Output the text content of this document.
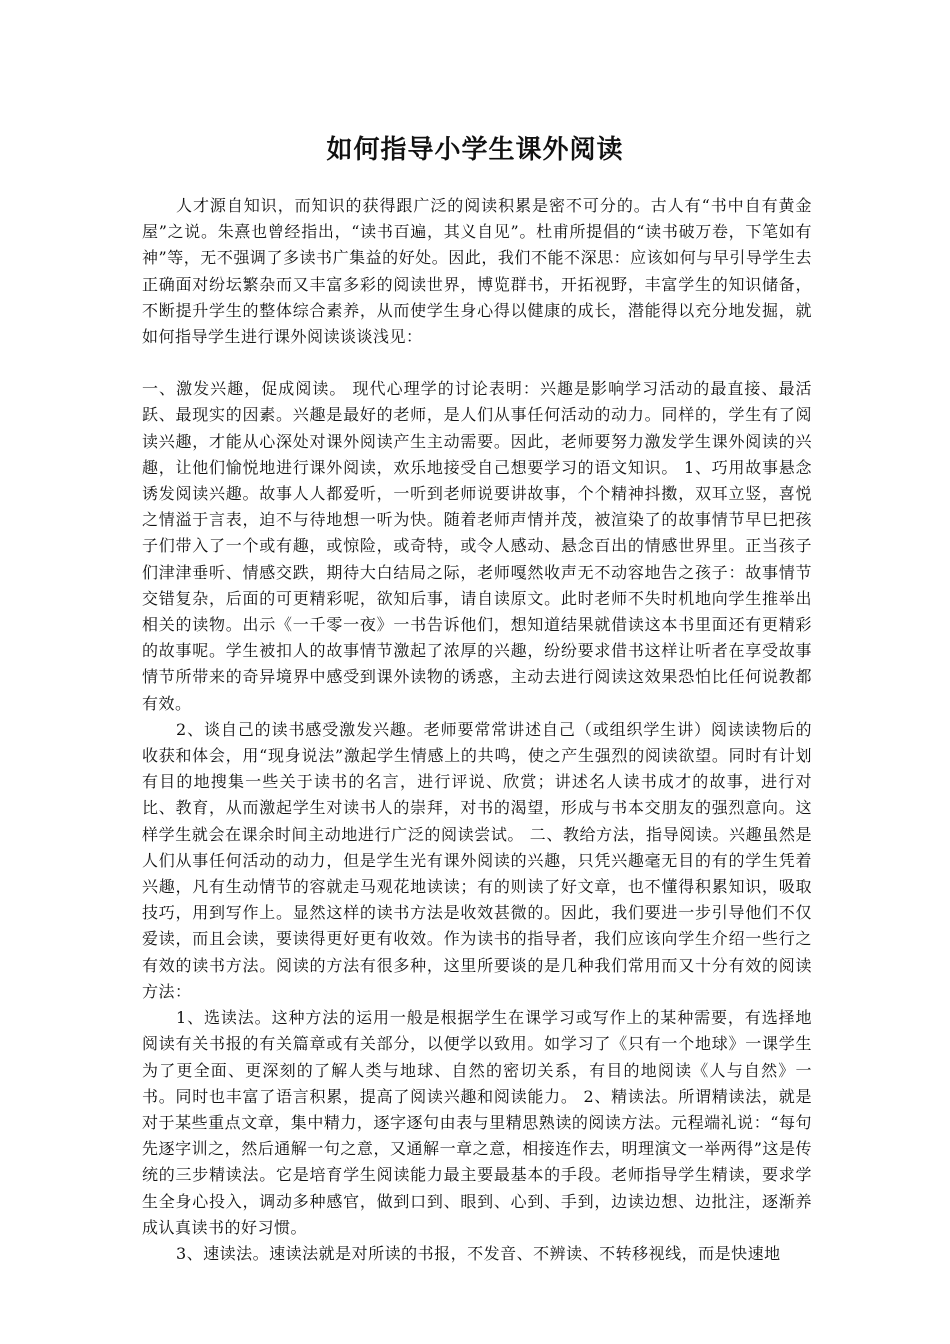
如何指导小学生课外阅读

人才源自知识，而知识的获得跟广泛的阅读积累是密不可分的。古人有“书中自有黄金屋”之说。朱熹也曾经指出，“读书百遍，其义自见”。杜甫所提倡的“读书破万卷，下笔如有神”等，无不强调了多读书广集益的好处。因此，我们不能不深思：应该如何与早引导学生去正确面对纷坛繁杂而又丰富多彩的阅读世界，博览群书，开拓视野，丰富学生的知识储备，不断提升学生的整体综合素养，从而使学生身心得以健康的成长，潜能得以充分地发掘，就如何指导学生进行课外阅读谈谈浅见：

一、激发兴趣，促成阅读。 现代心理学的讨论表明：兴趣是影响学习活动的最直接、最活跃、最现实的因素。兴趣是最好的老师，是人们从事任何活动的动力。同样的，学生有了阅读兴趣，才能从心深处对课外阅读产生主动需要。因此，老师要努力激发学生课外阅读的兴趣，让他们愉悦地进行课外阅读，欢乐地接受自己想要学习的语文知识。 1、巧用故事悬念诱发阅读兴趣。故事人人都爱听，一听到老师说要讲故事，个个精神抖擞，双耳立竖，喜悦之情溢于言表，迫不与待地想一听为快。随着老师声情并茂，被渲染了的故事情节早巳把孩子们带入了一个或有趣，或惊险，或奇特，或令人感动、悬念百出的情感世界里。正当孩子们津津垂听、情感交跌，期待大白结局之际，老师嘎然收声无不动容地告之孩子：故事情节交错复杂，后面的可更精彩呢，欲知后事，请自读原文。此时老师不失时机地向学生推举出相关的读物。出示《一千零一夜》一书告诉他们，想知道结果就借读这本书里面还有更精彩的故事呢。学生被扣人的故事情节激起了浓厚的兴趣，纷纷要求借书这样让听者在享受故事情节所带来的奇异境界中感受到课外读物的诱惑，主动去进行阅读这效果恐怕比任何说教都有效。

2、谈自己的读书感受激发兴趣。老师要常常讲述自己（或组织学生讲）阅读读物后的收获和体会，用“现身说法”激起学生情感上的共鸣，使之产生强烈的阅读欲望。同时有计划有目的地搜集一些关于读书的名言，进行评说、欣赏；讲述名人读书成才的故事，进行对比、教育，从而激起学生对读书人的崇拜，对书的渴望，形成与书本交朋友的强烈意向。这样学生就会在课余时间主动地进行广泛的阅读尝试。 二、教给方法，指导阅读。兴趣虽然是人们从事任何活动的动力，但是学生光有课外阅读的兴趣，只凭兴趣毫无目的有的学生凭着兴趣，凡有生动情节的容就走马观花地读读；有的则读了好文章，也不懂得积累知识，吸取技巧，用到写作上。显然这样的读书方法是收效甚微的。因此，我们要进一步引导他们不仅爱读，而且会读，要读得更好更有收效。作为读书的指导者，我们应该向学生介绍一些行之有效的读书方法。阅读的方法有很多种，这里所要谈的是几种我们常用而又十分有效的阅读方法：

1、选读法。这种方法的运用一般是根据学生在课学习或写作上的某种需要，有选择地阅读有关书报的有关篇章或有关部分，以便学以致用。如学习了《只有一个地球》一课学生为了更全面、更深刻的了解人类与地球、自然的密切关系，有目的地阅读《人与自然》一书。同时也丰富了语言积累，提高了阅读兴趣和阅读能力。 2、精读法。所谓精读法，就是对于某些重点文章，集中精力，逐字逐句由表与里精思熟读的阅读方法。元程端礼说：“每句先逐字训之，然后通解一句之意，又通解一章之意，相接连作去，明理演文一举两得”这是传统的三步精读法。它是培育学生阅读能力最主要最基本的手段。老师指导学生精读，要求学生全身心投入，调动多种感官，做到口到、眼到、心到、手到，边读边想、边批注，逐渐养成认真读书的好习惯。

3、速读法。速读法就是对所读的书报，不发音、不辨读、不转移视线，而是快速地
